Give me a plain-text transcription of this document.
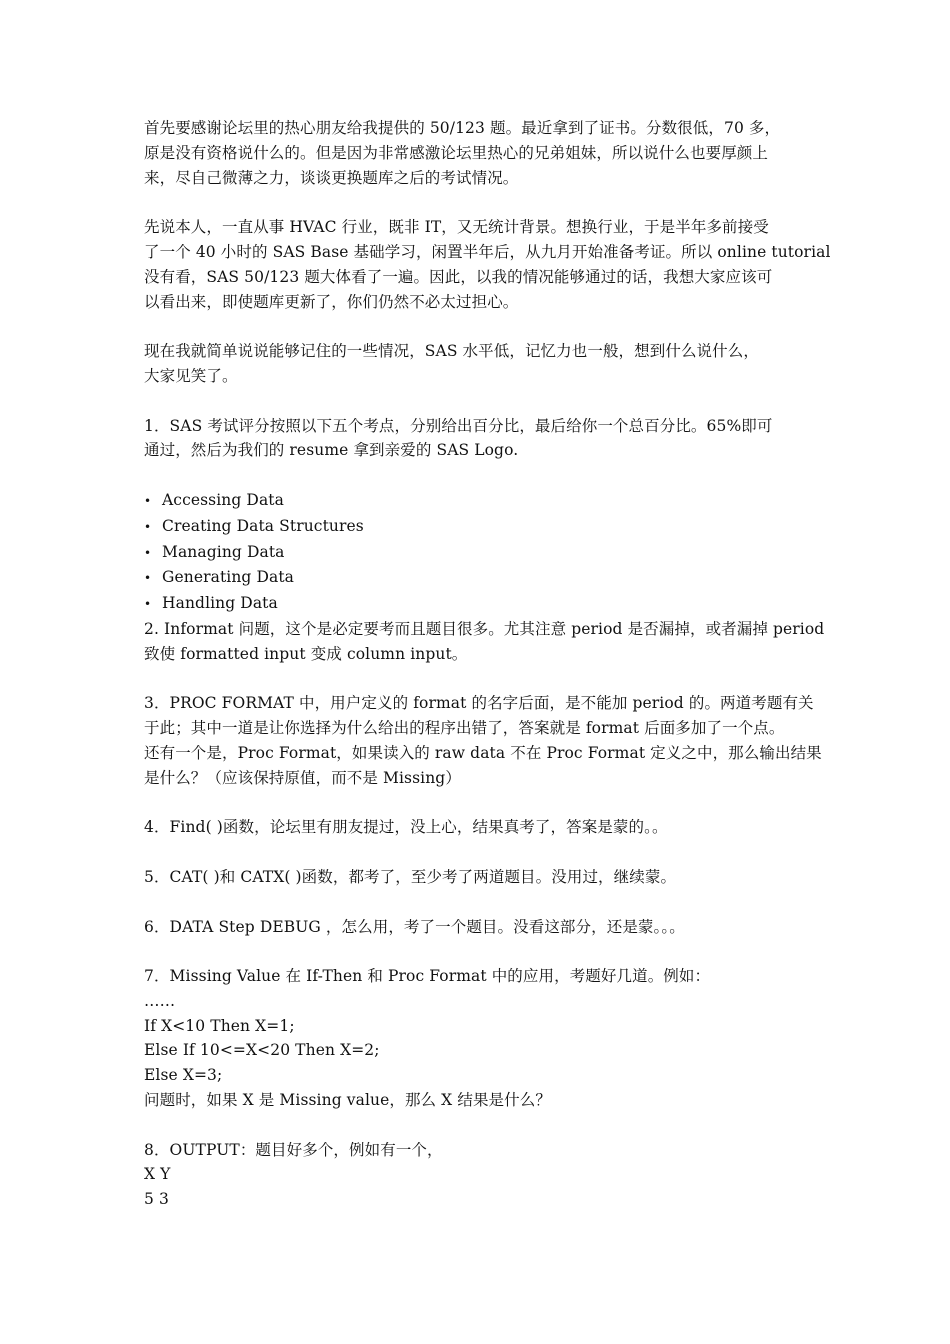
首先要感谢论坛里的热心朋友给我提供的 50/123 题。最近拿到了证书。分数很低，70 多，
原是没有资格说什么的。但是因为非常感激论坛里热心的兄弟姐妹，所以说什么也要厚颜上
来，尽自己微薄之力，谈谈更换题库之后的考试情况。

先说本人，一直从事 HVAC 行业，既非 IT，又无统计背景。想换行业，于是半年多前接受
了一个 40 小时的 SAS Base 基础学习，闲置半年后，从九月开始准备考证。所以 online tutorial
没有看，SAS 50/123 题大体看了一遍。因此，以我的情况能够通过的话，我想大家应该可
以看出来，即使题库更新了，你们仍然不必太过担心。

现在我就简单说说能够记住的一些情况，SAS 水平低，记忆力也一般，想到什么说什么，
大家见笑了。

1．SAS 考试评分按照以下五个考点，分别给出百分比，最后给你一个总百分比。65%即可
通过，然后为我们的 resume 拿到亲爱的 SAS Logo.

• Accessing Data
• Creating Data Structures
• Managing Data
• Generating Data
• Handling Data

2. Informat 问题，这个是必定要考而且题目很多。尤其注意 period 是否漏掉，或者漏掉 period
致使 formatted input 变成 column input。

3．PROC FORMAT 中，用户定义的 format 的名字后面，是不能加 period 的。两道考题有关
于此；其中一道是让你选择为什么给出的程序出错了，答案就是 format 后面多加了一个点。
还有一个是，Proc Format，如果读入的 raw data 不在 Proc Format 定义之中，那么输出结果
是什么？（应该保持原值，而不是 Missing）

4．Find( )函数，论坛里有朋友提过，没上心，结果真考了，答案是蒙的。。

5．CAT( )和 CATX( )函数，都考了，至少考了两道题目。没用过，继续蒙。

6．DATA Step DEBUG ，怎么用，考了一个题目。没看这部分，还是蒙。。。

7．Missing Value 在 If-Then 和 Proc Format 中的应用，考题好几道。例如：
……
If X<10 Then X=1;
Else If 10<=X<20 Then X=2;
Else X=3;
问题时，如果 X 是 Missing value，那么 X 结果是什么？

8．OUTPUT：题目好多个，例如有一个，
X Y
5 3
